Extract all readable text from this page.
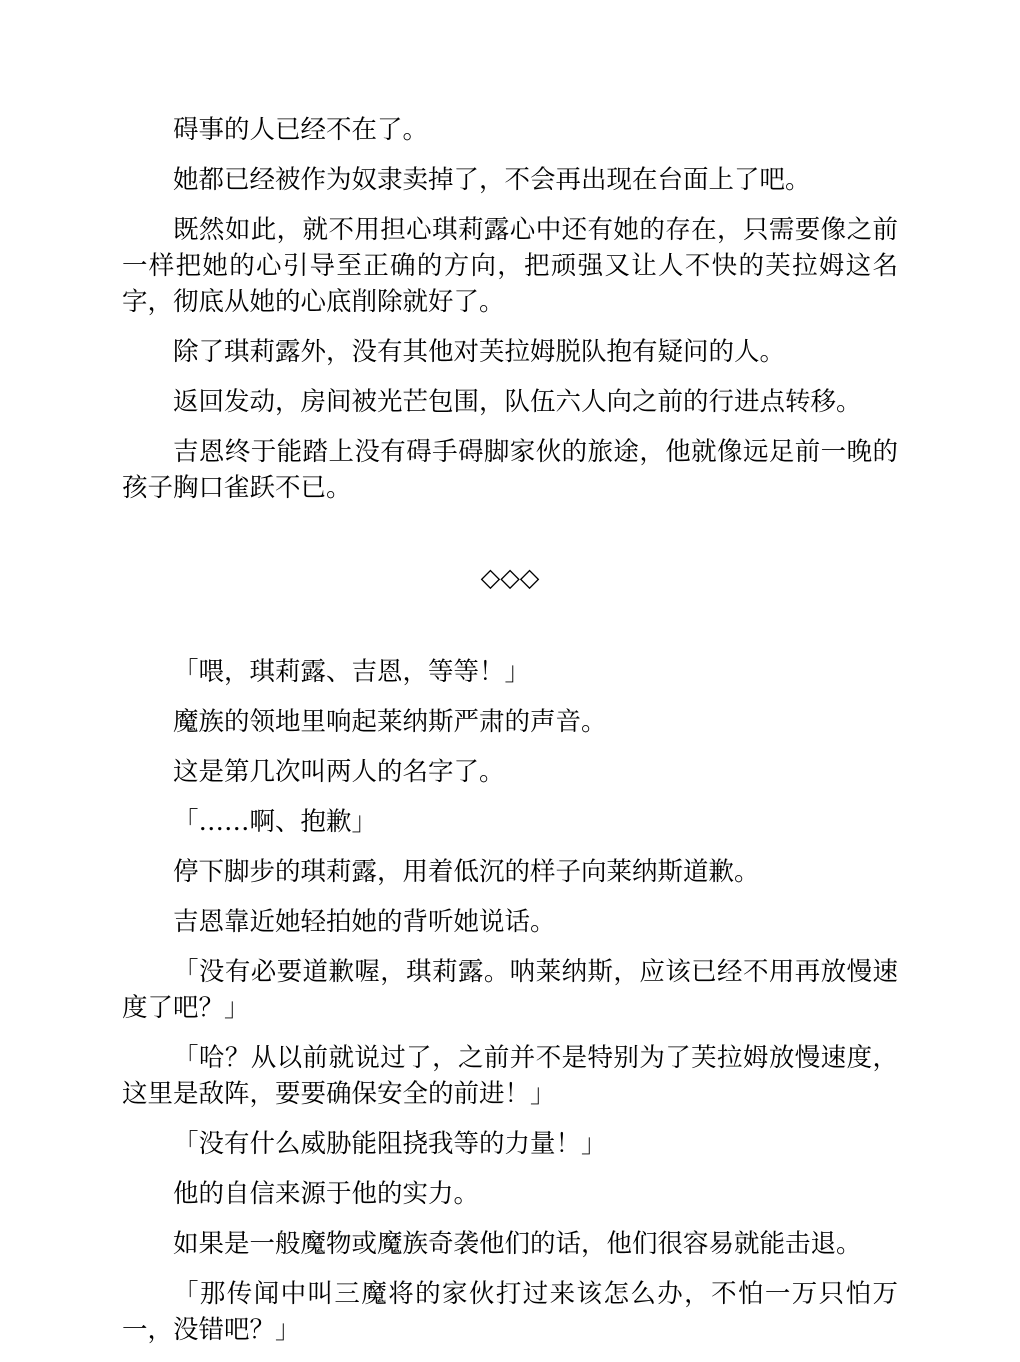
碍事的人已经不在了。

她都已经被作为奴隶卖掉了，不会再出现在台面上了吧。

既然如此，就不用担心琪莉露心中还有她的存在，只需要像之前一样把她的心引导至正确的方向，把顽强又让人不快的芙拉姆这名字，彻底从她的心底削除就好了。

除了琪莉露外，没有其他对芙拉姆脱队抱有疑问的人。

返回发动，房间被光芒包围，队伍六人向之前的行进点转移。

吉恩终于能踏上没有碍手碍脚家伙的旅途，他就像远足前一晚的孩子胸口雀跃不已。

◇◇◇

「喂，琪莉露、吉恩，等等！」

魔族的领地里响起莱纳斯严肃的声音。

这是第几次叫两人的名字了。

「……啊、抱歉」

停下脚步的琪莉露，用着低沉的样子向莱纳斯道歉。

吉恩靠近她轻拍她的背听她说话。

「没有必要道歉喔，琪莉露。呐莱纳斯，应该已经不用再放慢速度了吧？」

「哈？从以前就说过了，之前并不是特别为了芙拉姆放慢速度，这里是敌阵，要要确保安全的前进！」

「没有什么威胁能阻挠我等的力量！」

他的自信来源于他的实力。

如果是一般魔物或魔族奇袭他们的话，他们很容易就能击退。

「那传闻中叫三魔将的家伙打过来该怎么办，不怕一万只怕万一，没错吧？」
